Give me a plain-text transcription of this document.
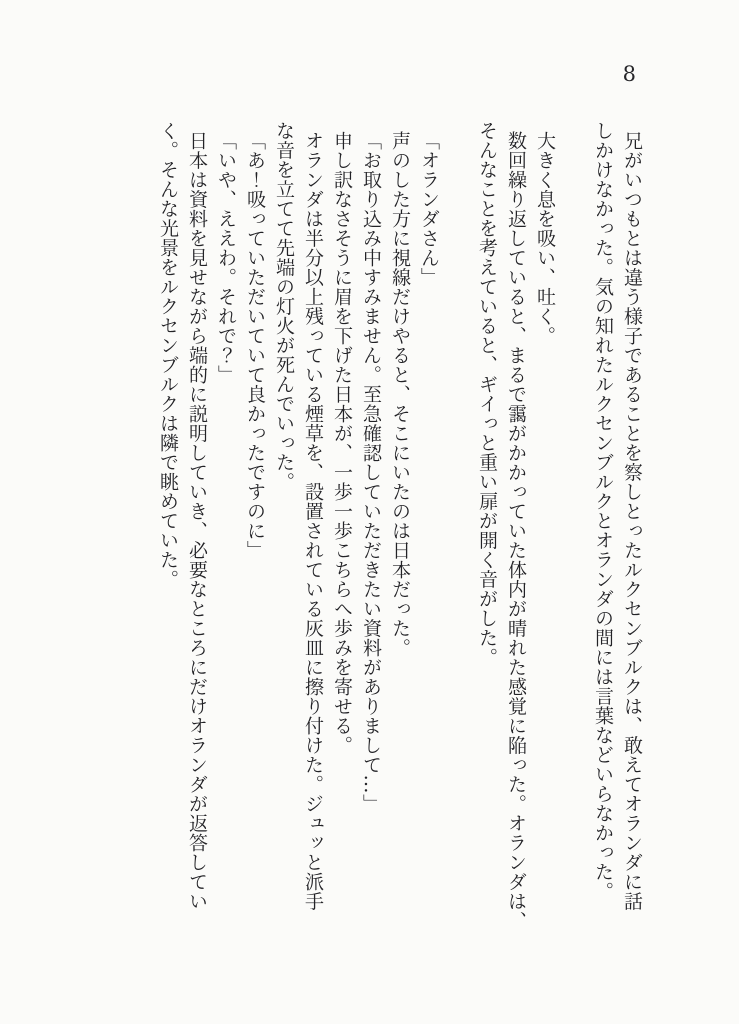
8
兄がいつもとは違う様子であることを察しとったルクセンブルクは、敢えてオランダに話
しかけなかった。気の知れたルクセンブルクとオランダの間には言葉などいらなかった。
大きく息を吸い、吐く。
数回繰り返していると、まるで靄がかかっていた体内が晴れた感覚に陥った。オランダは、
そんなことを考えていると、ギイっと重い扉が開く音がした。
「オランダさん」
声のした方に視線だけやると、そこにいたのは日本だった。
「お取り込み中すみません。至急確認していただきたい資料がありまして…」
申し訳なさそうに眉を下げた日本が、一歩一歩こちらへ歩みを寄せる。
オランダは半分以上残っている煙草を、設置されている灰皿に擦り付けた。ジュッと派手
な音を立てて先端の灯火が死んでいった。
「あ！吸っていただいていて良かったですのに」
「いや、ええわ。それで？」
日本は資料を見せながら端的に説明していき、必要なところにだけオランダが返答してい
く。そんな光景をルクセンブルクは隣で眺めていた。
